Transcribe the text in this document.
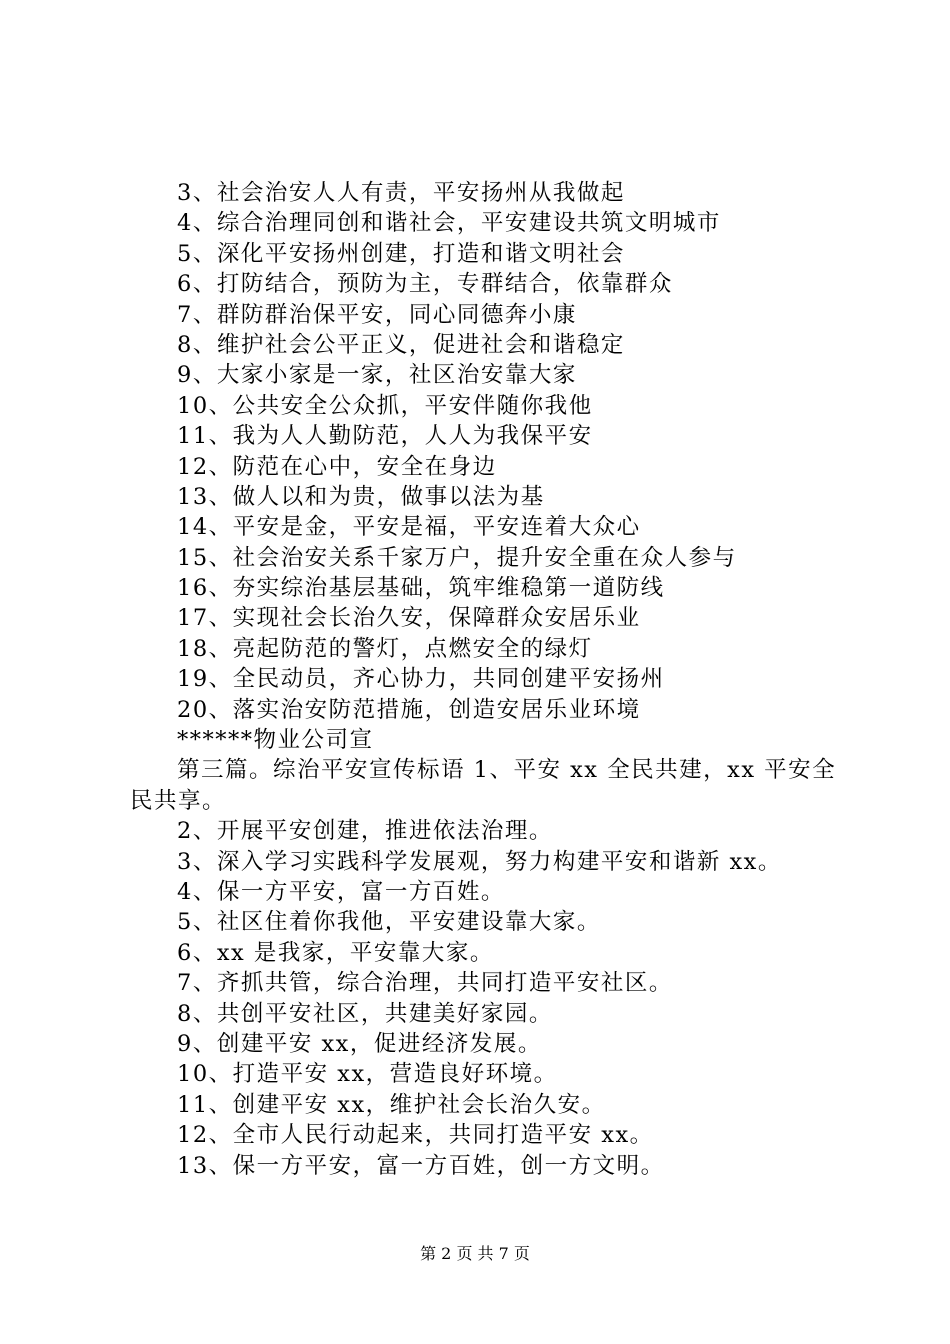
3、社会治安人人有责，平安扬州从我做起
4、综合治理同创和谐社会，平安建设共筑文明城市
5、深化平安扬州创建，打造和谐文明社会
6、打防结合，预防为主，专群结合，依靠群众
7、群防群治保平安，同心同德奔小康
8、维护社会公平正义，促进社会和谐稳定
9、大家小家是一家，社区治安靠大家
10、公共安全公众抓，平安伴随你我他
11、我为人人勤防范，人人为我保平安
12、防范在心中，安全在身边
13、做人以和为贵，做事以法为基
14、平安是金，平安是福，平安连着大众心
15、社会治安关系千家万户，提升安全重在众人参与
16、夯实综治基层基础，筑牢维稳第一道防线
17、实现社会长治久安，保障群众安居乐业
18、亮起防范的警灯，点燃安全的绿灯
19、全民动员，齐心协力，共同创建平安扬州
20、落实治安防范措施，创造安居乐业环境
******物业公司宣
第三篇。综治平安宣传标语 1、平安 xx 全民共建，xx 平安全民共享。
2、开展平安创建，推进依法治理。
3、深入学习实践科学发展观，努力构建平安和谐新 xx。
4、保一方平安，富一方百姓。
5、社区住着你我他，平安建设靠大家。
6、xx 是我家，平安靠大家。
7、齐抓共管，综合治理，共同打造平安社区。
8、共创平安社区，共建美好家园。
9、创建平安 xx，促进经济发展。
10、打造平安 xx，营造良好环境。
11、创建平安 xx，维护社会长治久安。
12、全市人民行动起来，共同打造平安 xx。
13、保一方平安，富一方百姓，创一方文明。
第 2 页 共 7 页
